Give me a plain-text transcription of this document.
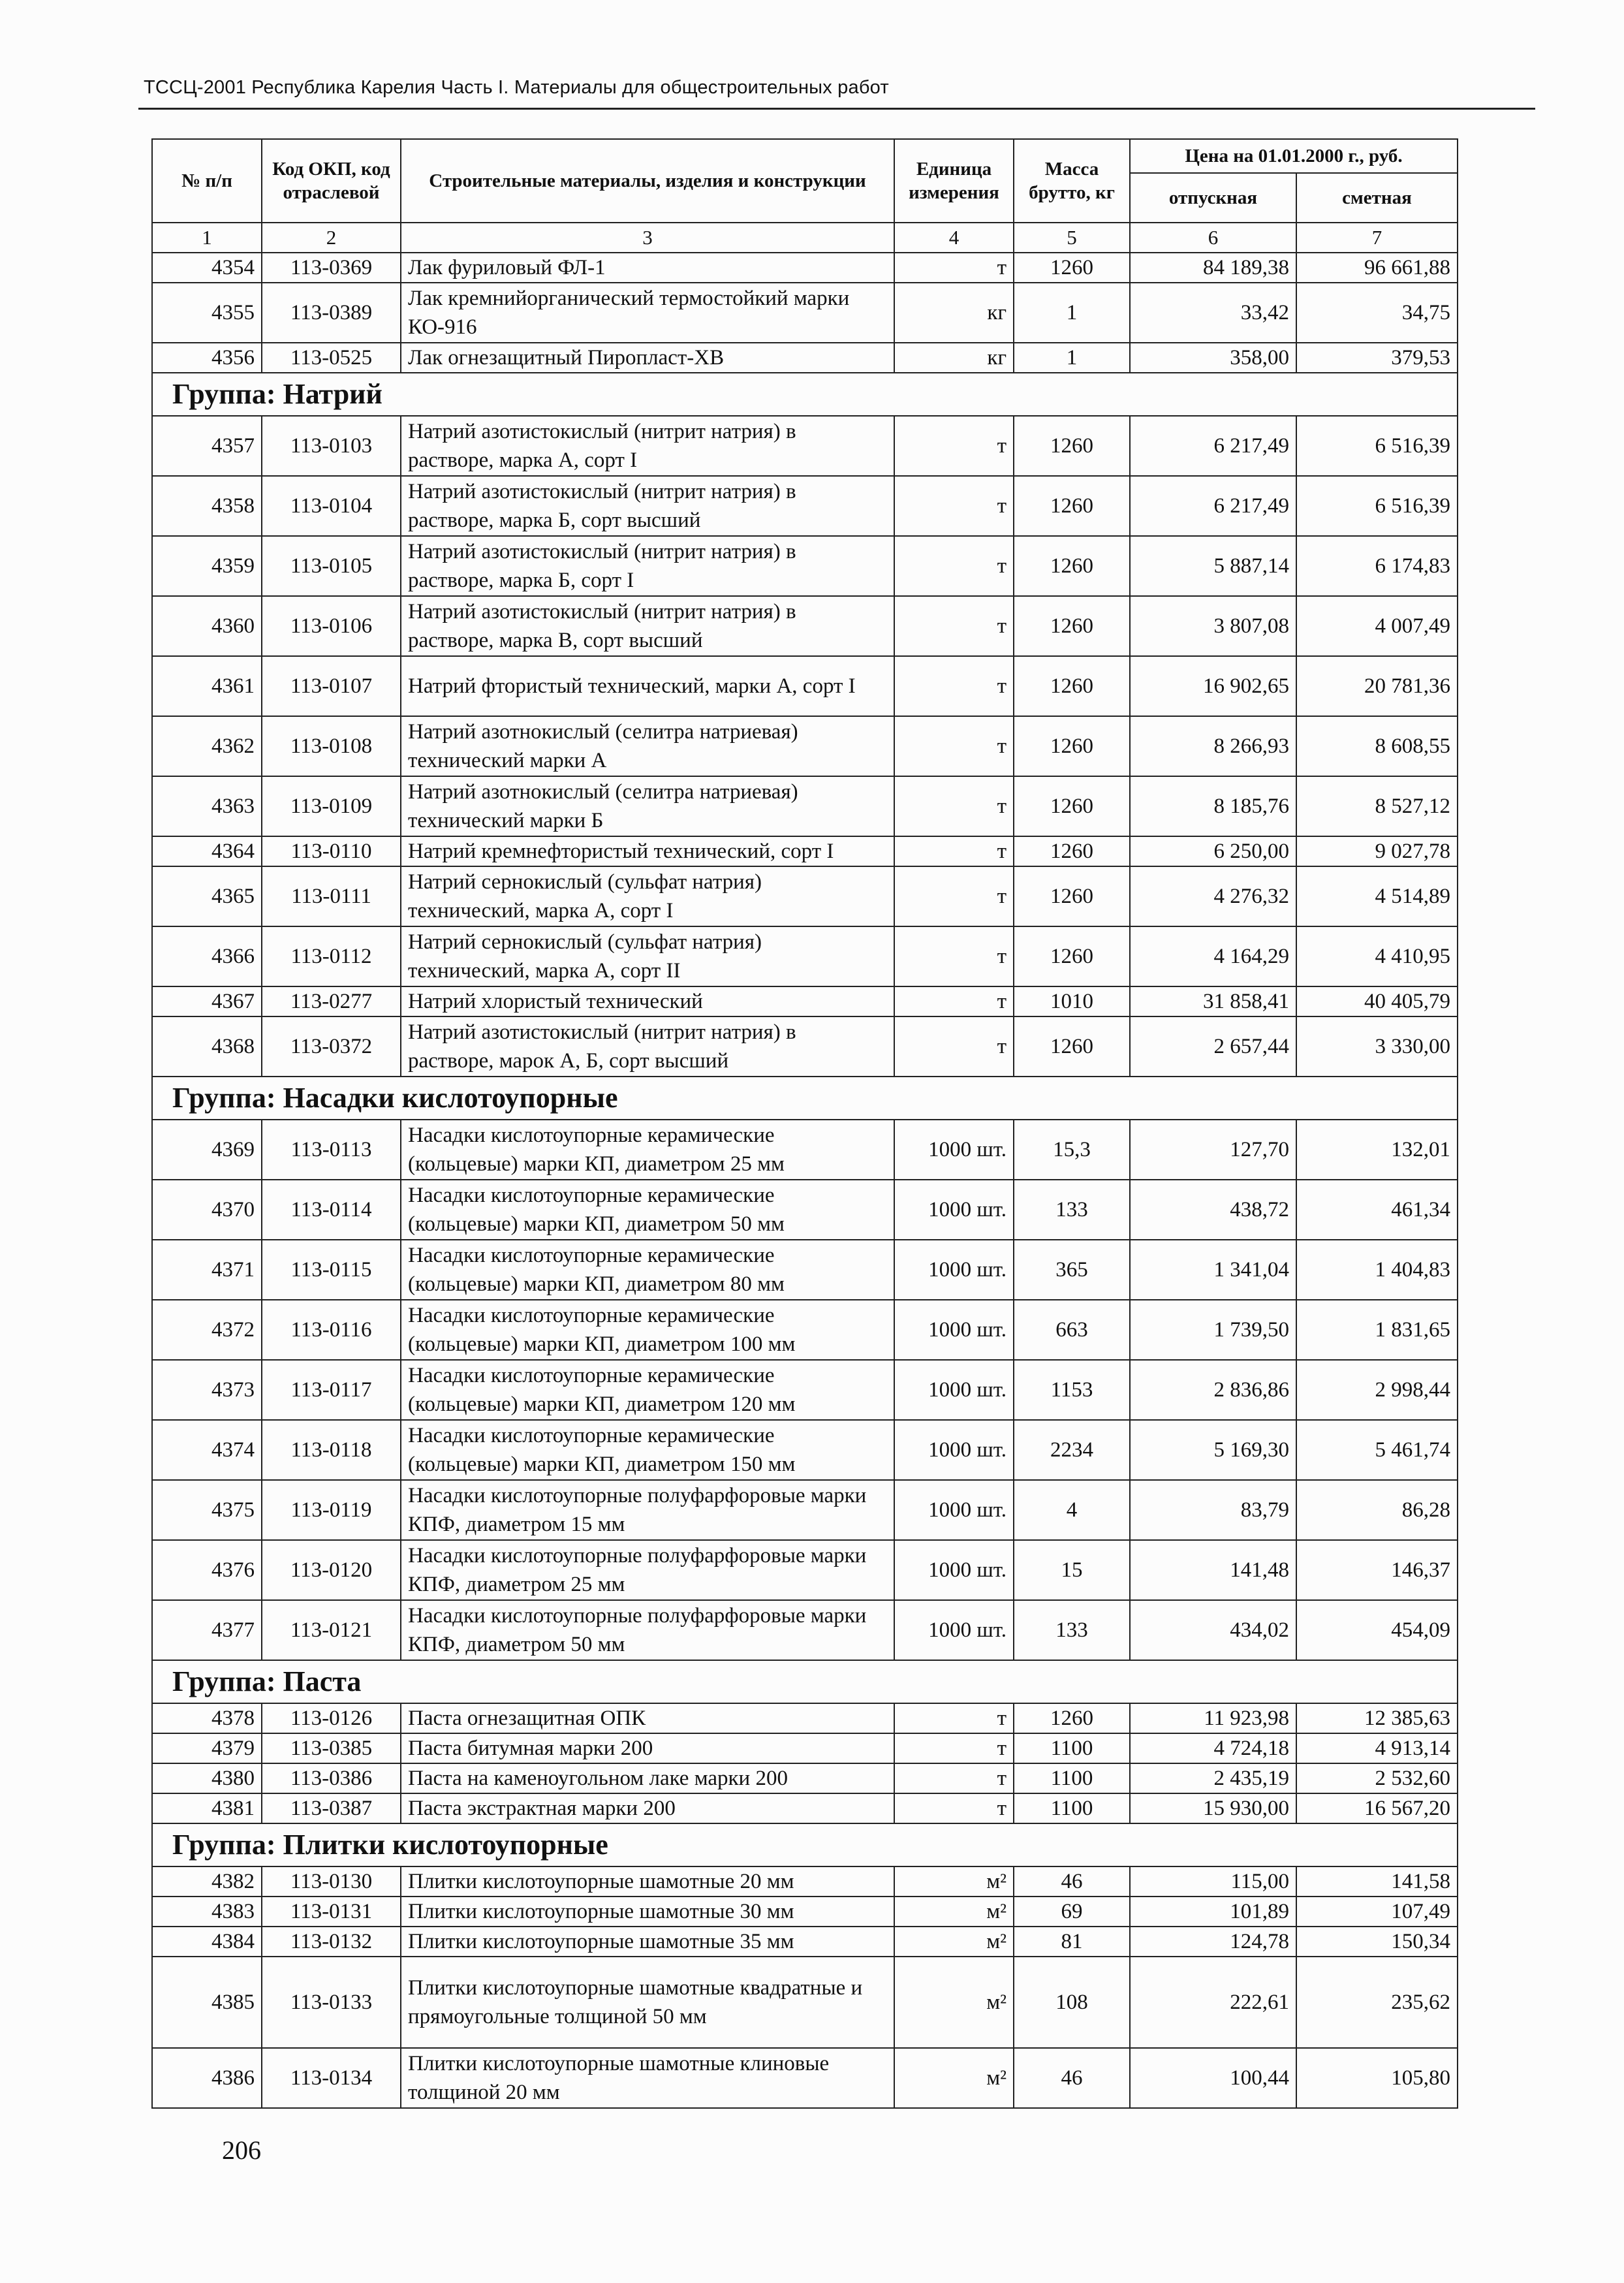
ТССЦ-2001 Республика Карелия Часть I. Материалы для общестроительных работ
№ п/п	Код ОКП, код отраслевой	Строительные материалы, изделия и конструкции	Единица измерения	Масса брутто, кг	Цена на 01.01.2000 г., руб.	
					отпускная	сметная
1	2	3	4	5	6	7
4354	113-0369	Лак фуриловый ФЛ-1	т	1260	84 189,38	96 661,88
4355	113-0389	Лак кремнийорганический термостойкий марки КО-916	кг	1	33,42	34,75
4356	113-0525	Лак огнезащитный Пиропласт-ХВ	кг	1	358,00	379,53
Группа: Натрий						
4357	113-0103	Натрий азотистокислый (нитрит натрия) в растворе, марка А, сорт I	т	1260	6 217,49	6 516,39
4358	113-0104	Натрий азотистокислый (нитрит натрия) в растворе, марка Б, сорт высший	т	1260	6 217,49	6 516,39
4359	113-0105	Натрий азотистокислый (нитрит натрия) в растворе, марка Б, сорт I	т	1260	5 887,14	6 174,83
4360	113-0106	Натрий азотистокислый (нитрит натрия) в растворе, марка В, сорт высший	т	1260	3 807,08	4 007,49
4361	113-0107	Натрий фтористый технический, марки А, сорт I	т	1260	16 902,65	20 781,36
4362	113-0108	Натрий азотнокислый (селитра натриевая) технический марки А	т	1260	8 266,93	8 608,55
4363	113-0109	Натрий азотнокислый (селитра натриевая) технический марки Б	т	1260	8 185,76	8 527,12
4364	113-0110	Натрий кремнефтористый технический, сорт I	т	1260	6 250,00	9 027,78
4365	113-0111	Натрий сернокислый (сульфат натрия) технический, марка А, сорт I	т	1260	4 276,32	4 514,89
4366	113-0112	Натрий сернокислый (сульфат натрия) технический, марка А, сорт II	т	1260	4 164,29	4 410,95
4367	113-0277	Натрий хлористый технический	т	1010	31 858,41	40 405,79
4368	113-0372	Натрий азотистокислый (нитрит натрия) в растворе, марок А, Б, сорт высший	т	1260	2 657,44	3 330,00
Группа: Насадки кислотоупорные						
4369	113-0113	Насадки кислотоупорные керамические (кольцевые) марки КП, диаметром 25 мм	1000 шт.	15,3	127,70	132,01
4370	113-0114	Насадки кислотоупорные керамические (кольцевые) марки КП, диаметром 50 мм	1000 шт.	133	438,72	461,34
4371	113-0115	Насадки кислотоупорные керамические (кольцевые) марки КП, диаметром 80 мм	1000 шт.	365	1 341,04	1 404,83
4372	113-0116	Насадки кислотоупорные керамические (кольцевые) марки КП, диаметром 100 мм	1000 шт.	663	1 739,50	1 831,65
4373	113-0117	Насадки кислотоупорные керамические (кольцевые) марки КП, диаметром 120 мм	1000 шт.	1153	2 836,86	2 998,44
4374	113-0118	Насадки кислотоупорные керамические (кольцевые) марки КП, диаметром 150 мм	1000 шт.	2234	5 169,30	5 461,74
4375	113-0119	Насадки кислотоупорные полуфарфоровые марки КПФ, диаметром 15 мм	1000 шт.	4	83,79	86,28
4376	113-0120	Насадки кислотоупорные полуфарфоровые марки КПФ, диаметром 25 мм	1000 шт.	15	141,48	146,37
4377	113-0121	Насадки кислотоупорные полуфарфоровые марки КПФ, диаметром 50 мм	1000 шт.	133	434,02	454,09
Группа: Паста						
4378	113-0126	Паста огнезащитная ОПК	т	1260	11 923,98	12 385,63
4379	113-0385	Паста битумная марки 200	т	1100	4 724,18	4 913,14
4380	113-0386	Паста на каменоугольном лаке марки 200	т	1100	2 435,19	2 532,60
4381	113-0387	Паста экстрактная марки 200	т	1100	15 930,00	16 567,20
Группа: Плитки кислотоупорные						
4382	113-0130	Плитки кислотоупорные шамотные 20 мм	м²	46	115,00	141,58
4383	113-0131	Плитки кислотоупорные шамотные 30 мм	м²	69	101,89	107,49
4384	113-0132	Плитки кислотоупорные шамотные 35 мм	м²	81	124,78	150,34
4385	113-0133	Плитки кислотоупорные шамотные квадратные и прямоугольные толщиной 50 мм	м²	108	222,61	235,62
4386	113-0134	Плитки кислотоупорные шамотные клиновые толщиной 20 мм	м²	46	100,44	105,80
206
